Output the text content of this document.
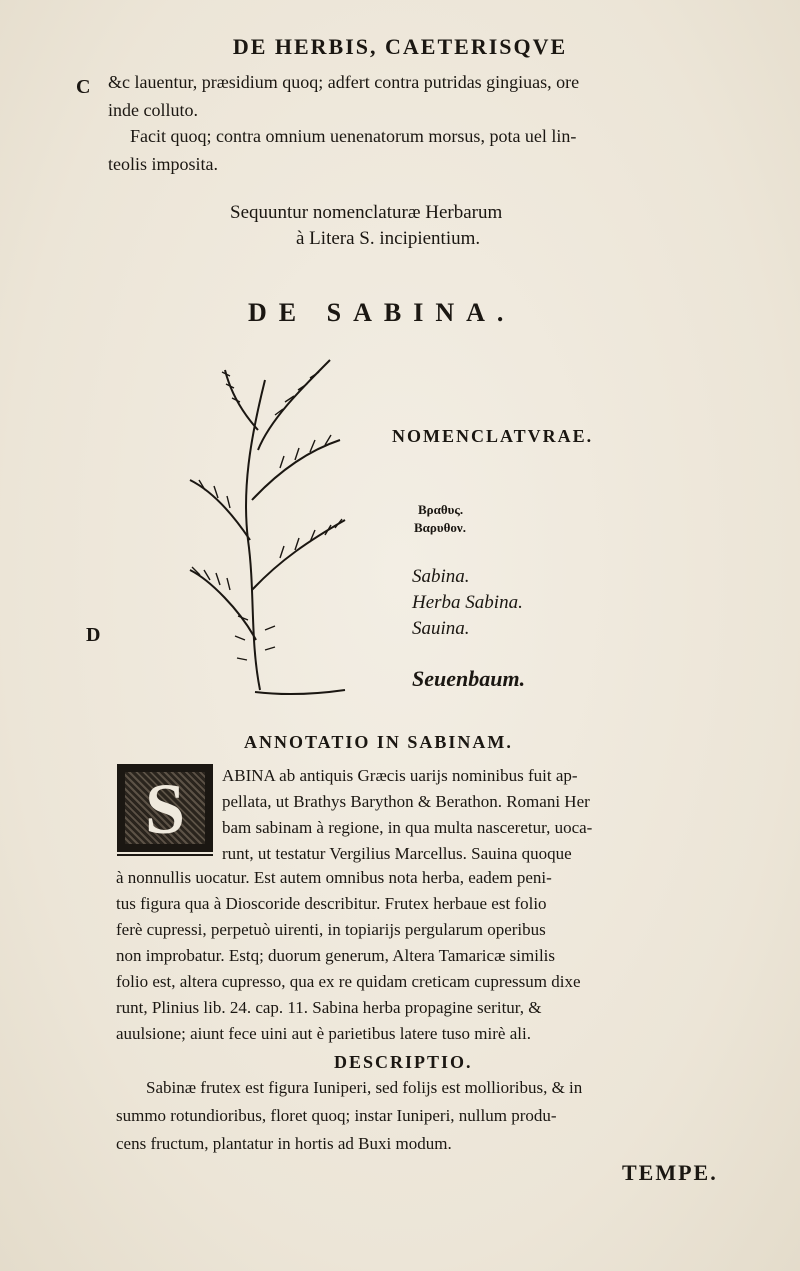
DE HERBIS, CAETERISQVE
C
D
&c lauentur, præsidium quoq; adfert contra putridas gingiuas, ore
inde colluto.
Facit quoq; contra omnium uenenatorum morsus, pota uel lin-
teolis imposita.
Sequuntur nomenclaturæ Herbarum
à Litera S. incipientium.
DE SABINA.
NOMENCLATVRAE.
Βραθυς.
Βαρυθον.
Sabina.
Herba Sabina.
Sauina.
Seuenbaum.
ANNOTATIO IN SABINAM.
S	ABINA ab antiquis Græcis uarijs nominibus fuit ap-
pellata, ut Brathys Barython & Berathon. Romani Her
bam sabinam à regione, in qua multa nasceretur, uoca-
runt, ut testatur Vergilius Marcellus. Sauina quoque
à nonnullis uocatur. Est autem omnibus nota herba, eadem peni-
tus figura qua à Dioscoride describitur. Frutex herbaue est folio
ferè cupressi, perpetuò uirenti, in topiarijs pergularum operibus
non improbatur. Estq; duorum generum, Altera Tamaricæ similis
folio est, altera cupresso, qua ex re quidam creticam cupressum dixe
runt, Plinius lib. 24. cap. 11. Sabina herba propagine seritur, &
auulsione; aiunt fece uini aut è parietibus latere tuso mirè ali.
DESCRIPTIO.
Sabinæ frutex est figura Iuniperi, sed folijs est mollioribus, & in
summo rotundioribus, floret quoq; instar Iuniperi, nullum produ-
cens fructum, plantatur in hortis ad Buxi modum.
TEMPE.
